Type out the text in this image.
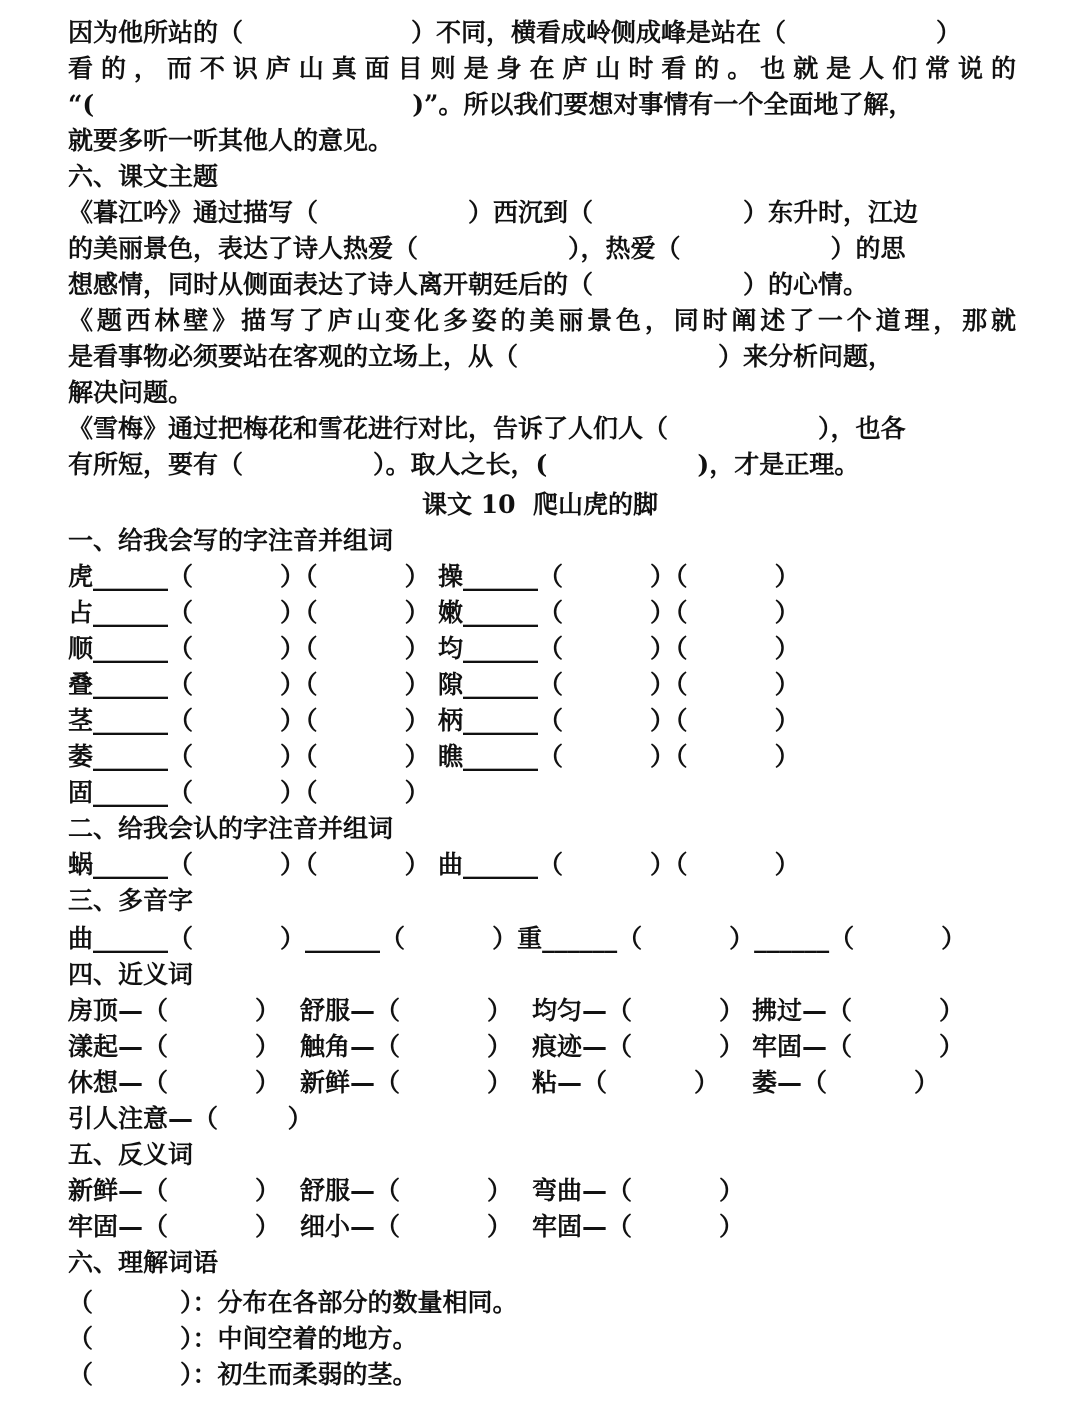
因为他所站的（	）不同，横看成岭侧成峰是站在（	）
看的，而不识庐山真面目则是身在庐山时看的。也就是人们常说的
“(	)”。所以我们要想对事情有一个全面地了解，
就要多听一听其他人的意见。
六、课文主题
《暮江吟》通过描写（	）西沉到（	）东升时，江边
的美丽景色，表达了诗人热爱（	），热爱（	）的思
想感情，同时从侧面表达了诗人离开朝廷后的（	）的心情。
《题西林壁》描写了庐山变化多姿的美丽景色，同时阐述了一个道理，那就
是看事物必须要站在客观的立场上，从（	）来分析问题，
解决问题。
《雪梅》通过把梅花和雪花进行对比，告诉了人们人（	），也各
有所短，要有（	）。取人之长，(	)，才是正理。
课文 10  爬山虎的脚
一、给我会写的字注音并组词
虎______（          ）（          ） 操______（          ）（          ）
占______（          ）（          ） 嫩______（          ）（          ）
顺______（          ）（          ） 均______（          ）（          ）
叠______（          ）（          ） 隙______（          ）（          ）
茎______（          ）（          ） 柄______（          ）（          ）
萎______（          ）（          ） 瞧______（          ）（          ）
固______（          ）（          ）
二、给我会认的字注音并组词
蜗______（          ）（          ） 曲______（          ）（          ）
三、多音字
曲______（          ）______（          ）重______（          ）______（          ）
四、近义词
房顶—（          ） 舒服—（          ） 均匀—（          ） 拂过—（          ）
漾起—（          ） 触角—（          ） 痕迹—（          ） 牢固—（          ）
休想—（          ） 新鲜—（          ） 粘—（          ） 萎—（          ）
引人注意—（        ）
五、反义词
新鲜—（          ） 舒服—（          ） 弯曲—（          ）
牢固—（          ） 细小—（          ） 牢固—（          ）
六、理解词语
（          ）：分布在各部分的数量相同。
（          ）：中间空着的地方。
（          ）：初生而柔弱的茎。
